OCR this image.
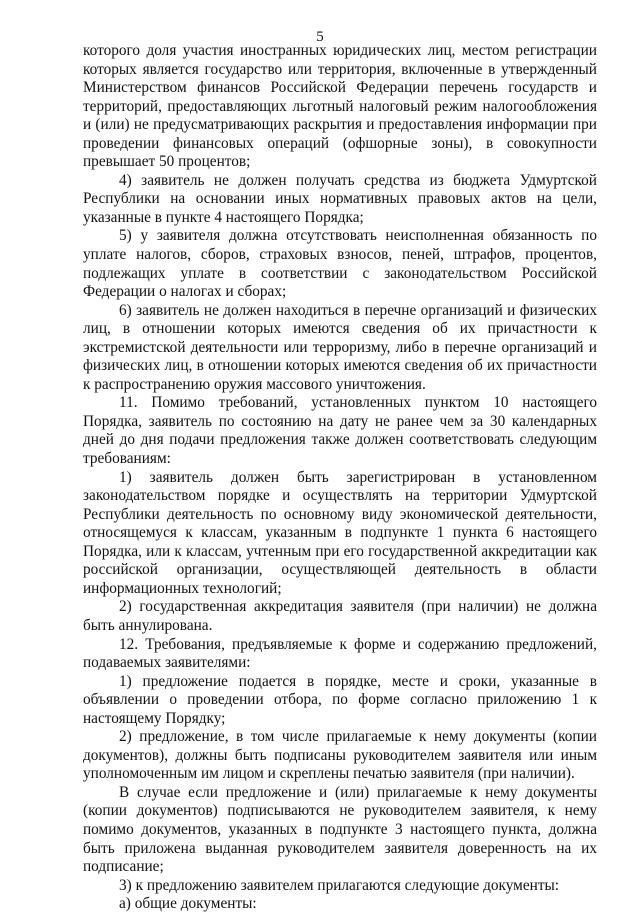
5

которого доля участия иностранных юридических лиц, местом регистрации которых является государство или территория, включенные в утвержденный Министерством финансов Российской Федерации перечень государств и территорий, предоставляющих льготный налоговый режим налогообложения и (или) не предусматривающих раскрытия и предоставления информации при проведении финансовых операций (офшорные зоны), в совокупности превышает 50 процентов;

4) заявитель не должен получать средства из бюджета Удмуртской Республики на основании иных нормативных правовых актов на цели, указанные в пункте 4 настоящего Порядка;

5) у заявителя должна отсутствовать неисполненная обязанность по уплате налогов, сборов, страховых взносов, пеней, штрафов, процентов, подлежащих уплате в соответствии с законодательством Российской Федерации о налогах и сборах;

6) заявитель не должен находиться в перечне организаций и физических лиц, в отношении которых имеются сведения об их причастности к экстремистской деятельности или терроризму, либо в перечне организаций и физических лиц, в отношении которых имеются сведения об их причастности к распространению оружия массового уничтожения.

11. Помимо требований, установленных пунктом 10 настоящего Порядка, заявитель по состоянию на дату не ранее чем за 30 календарных дней до дня подачи предложения также должен соответствовать следующим требованиям:

1) заявитель должен быть зарегистрирован в установленном законодательством порядке и осуществлять на территории Удмуртской Республики деятельность по основному виду экономической деятельности, относящемуся к классам, указанным в подпункте 1 пункта 6 настоящего Порядка, или к классам, учтенным при его государственной аккредитации как российской организации, осуществляющей деятельность в области информационных технологий;

2) государственная аккредитация заявителя (при наличии) не должна быть аннулирована.

12. Требования, предъявляемые к форме и содержанию предложений, подаваемых заявителями:

1) предложение подается в порядке, месте и сроки, указанные в объявлении о проведении отбора, по форме согласно приложению 1 к настоящему Порядку;

2) предложение, в том числе прилагаемые к нему документы (копии документов), должны быть подписаны руководителем заявителя или иным уполномоченным им лицом и скреплены печатью заявителя (при наличии).

В случае если предложение и (или) прилагаемые к нему документы (копии документов) подписываются не руководителем заявителя, к нему помимо документов, указанных в подпункте 3 настоящего пункта, должна быть приложена выданная руководителем заявителя доверенность на их подписание;

3) к предложению заявителем прилагаются следующие документы:

а) общие документы:
